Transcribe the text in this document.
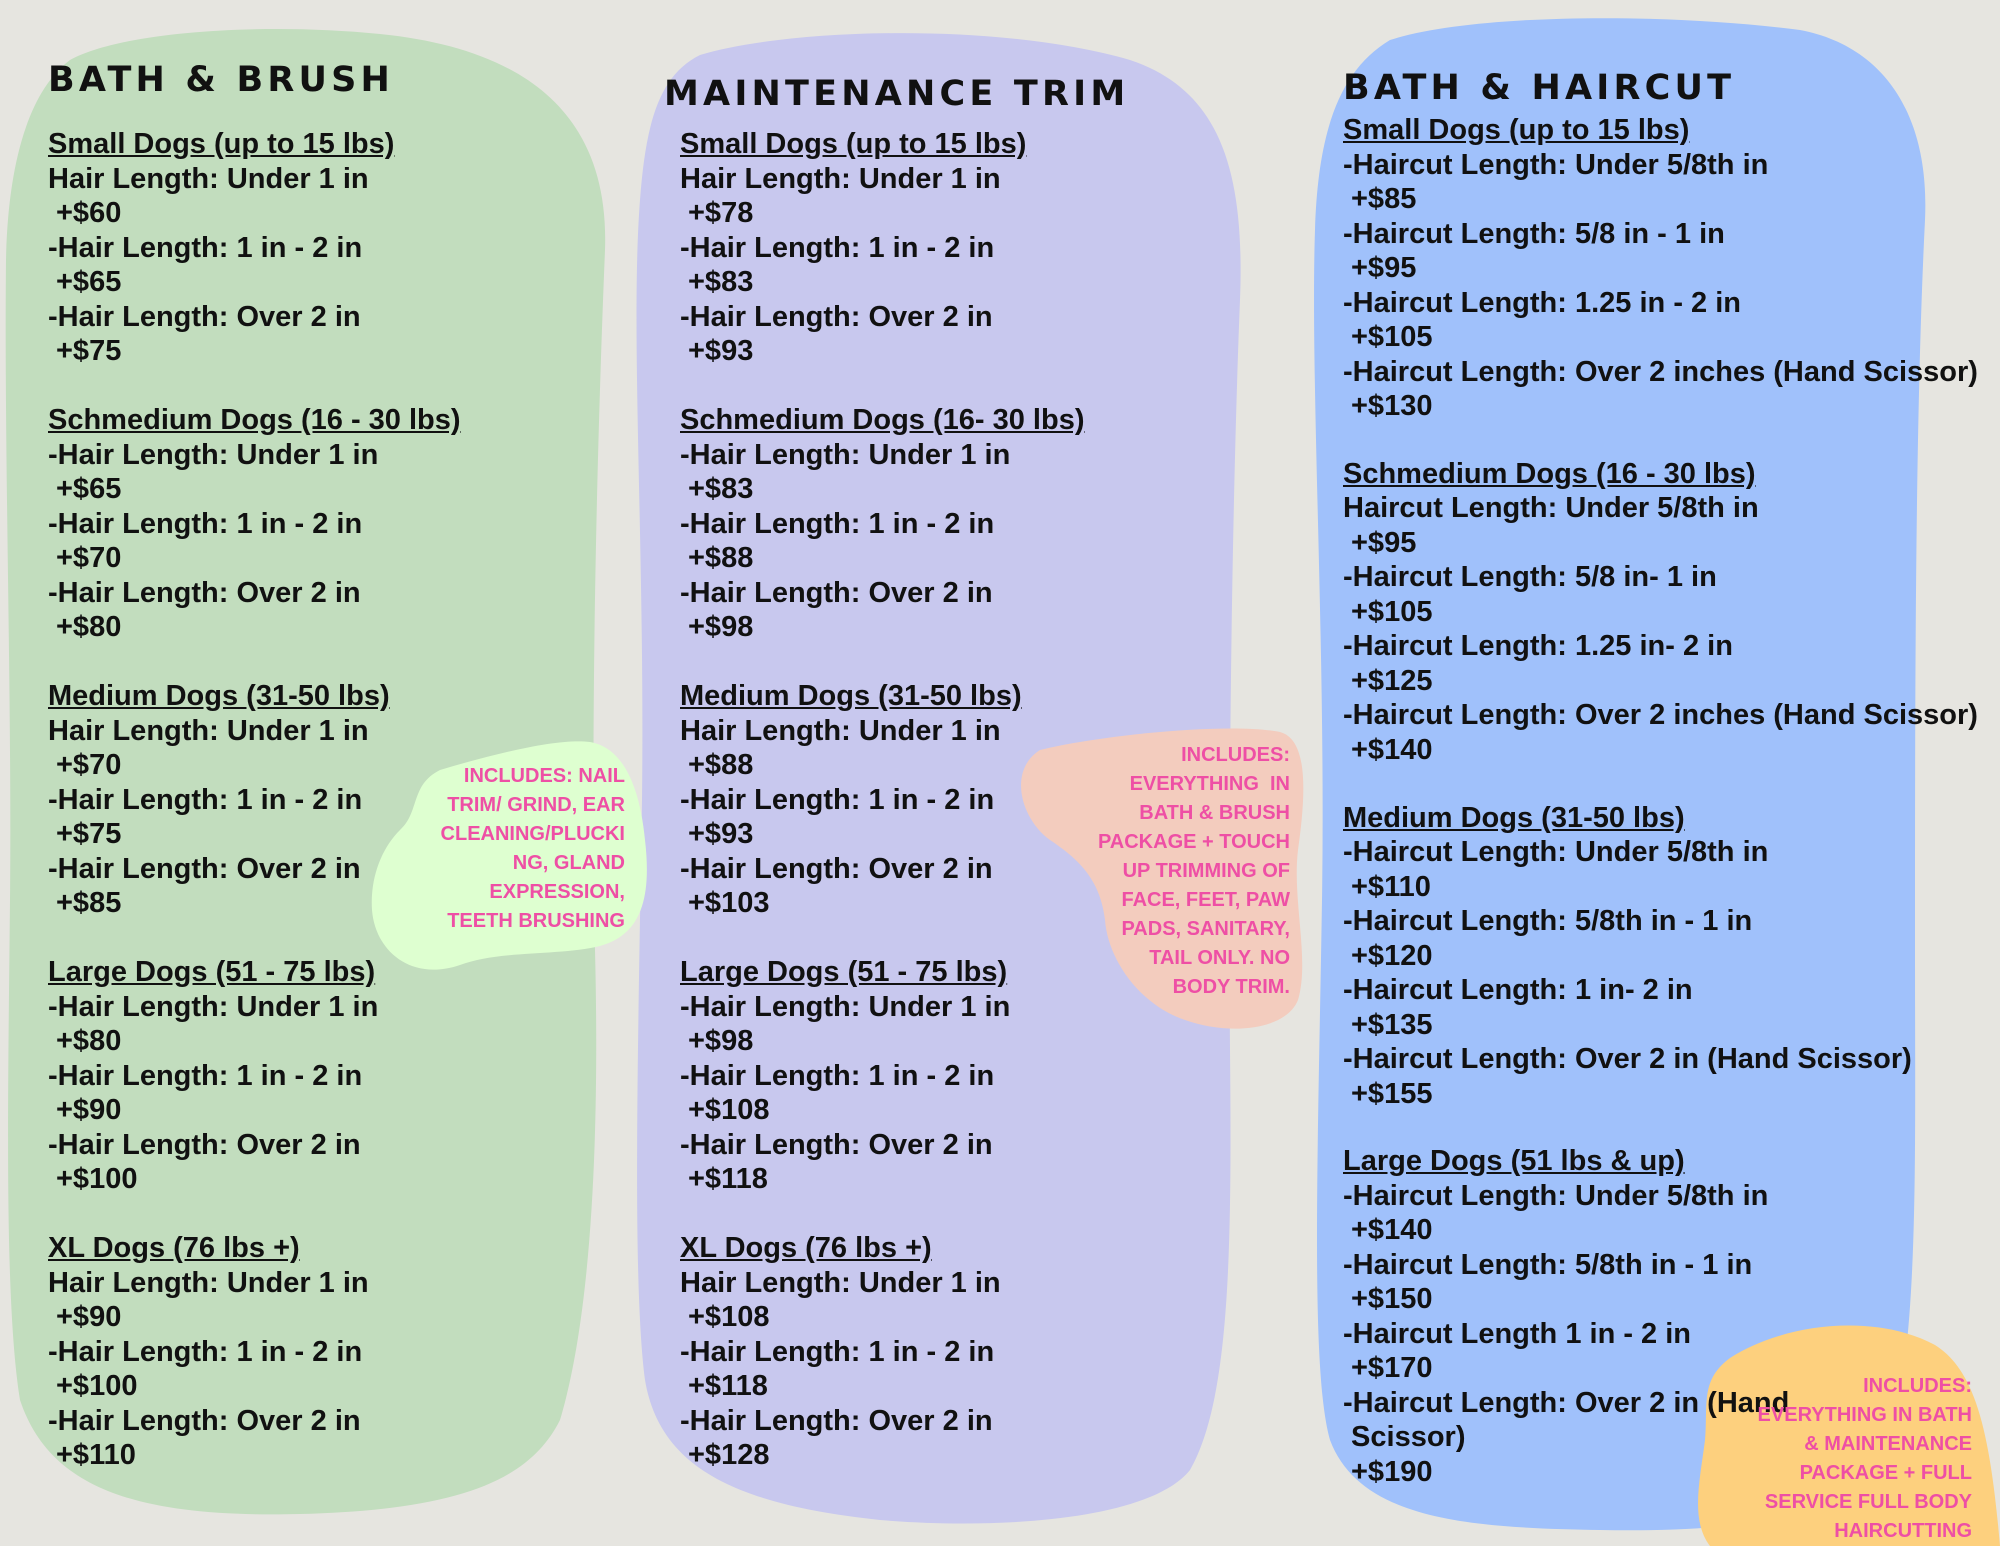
BATH & BRUSH
Small Dogs (up to 15 lbs)
Hair Length: Under 1 in
+$60
-Hair Length: 1 in - 2 in
+$65
-Hair Length: Over 2 in
+$75
Schmedium Dogs (16 - 30 lbs)
-Hair Length: Under 1 in
+$65
-Hair Length: 1 in - 2 in
+$70
-Hair Length: Over 2 in
+$80
Medium Dogs (31-50 lbs)
Hair Length: Under 1 in
+$70
-Hair Length: 1 in - 2 in
+$75
-Hair Length: Over 2 in
+$85
Large Dogs (51 - 75 lbs)
-Hair Length: Under 1 in
+$80
-Hair Length: 1 in - 2 in
+$90
-Hair Length: Over 2 in
+$100
XL Dogs (76 lbs +)
Hair Length: Under 1 in
+$90
-Hair Length: 1 in - 2 in
+$100
-Hair Length: Over 2 in
+$110
INCLUDES: NAIL
TRIM/ GRIND, EAR
CLEANING/PLUCKI
NG, GLAND
EXPRESSION,
TEETH BRUSHING
MAINTENANCE TRIM
Small Dogs (up to 15 lbs)
Hair Length: Under 1 in
+$78
-Hair Length: 1 in - 2 in
+$83
-Hair Length: Over 2 in
+$93
Schmedium Dogs (16- 30 lbs)
-Hair Length: Under 1 in
+$83
-Hair Length: 1 in - 2 in
+$88
-Hair Length: Over 2 in
+$98
Medium Dogs (31-50 lbs)
Hair Length: Under 1 in
+$88
-Hair Length: 1 in - 2 in
+$93
-Hair Length: Over 2 in
+$103
Large Dogs (51 - 75 lbs)
-Hair Length: Under 1 in
+$98
-Hair Length: 1 in - 2 in
+$108
-Hair Length: Over 2 in
+$118
XL Dogs (76 lbs +)
Hair Length: Under 1 in
+$108
-Hair Length: 1 in - 2 in
+$118
-Hair Length: Over 2 in
+$128
INCLUDES:
EVERYTHING  IN
BATH & BRUSH
PACKAGE + TOUCH
UP TRIMMING OF
FACE, FEET, PAW
PADS, SANITARY,
TAIL ONLY. NO
BODY TRIM.
BATH & HAIRCUT
Small Dogs (up to 15 lbs)
-Haircut Length: Under 5/8th in
+$85
-Haircut Length: 5/8 in - 1 in
+$95
-Haircut Length: 1.25 in - 2 in
+$105
-Haircut Length: Over 2 inches (Hand Scissor)
+$130
Schmedium Dogs (16 - 30 lbs)
Haircut Length: Under 5/8th in
+$95
-Haircut Length: 5/8 in- 1 in
+$105
-Haircut Length: 1.25 in- 2 in
+$125
-Haircut Length: Over 2 inches (Hand Scissor)
+$140
Medium Dogs (31-50 lbs)
-Haircut Length: Under 5/8th in
+$110
-Haircut Length: 5/8th in - 1 in
+$120
-Haircut Length: 1 in- 2 in
+$135
-Haircut Length: Over 2 in (Hand Scissor)
+$155
Large Dogs (51 lbs & up)
-Haircut Length: Under 5/8th in
+$140
-Haircut Length: 5/8th in - 1 in
+$150
-Haircut Length 1 in - 2 in
+$170
-Haircut Length: Over 2 in (Hand
Scissor)
+$190
INCLUDES:
EVERYTHING IN BATH
& MAINTENANCE
PACKAGE + FULL
SERVICE FULL BODY
HAIRCUTTING
